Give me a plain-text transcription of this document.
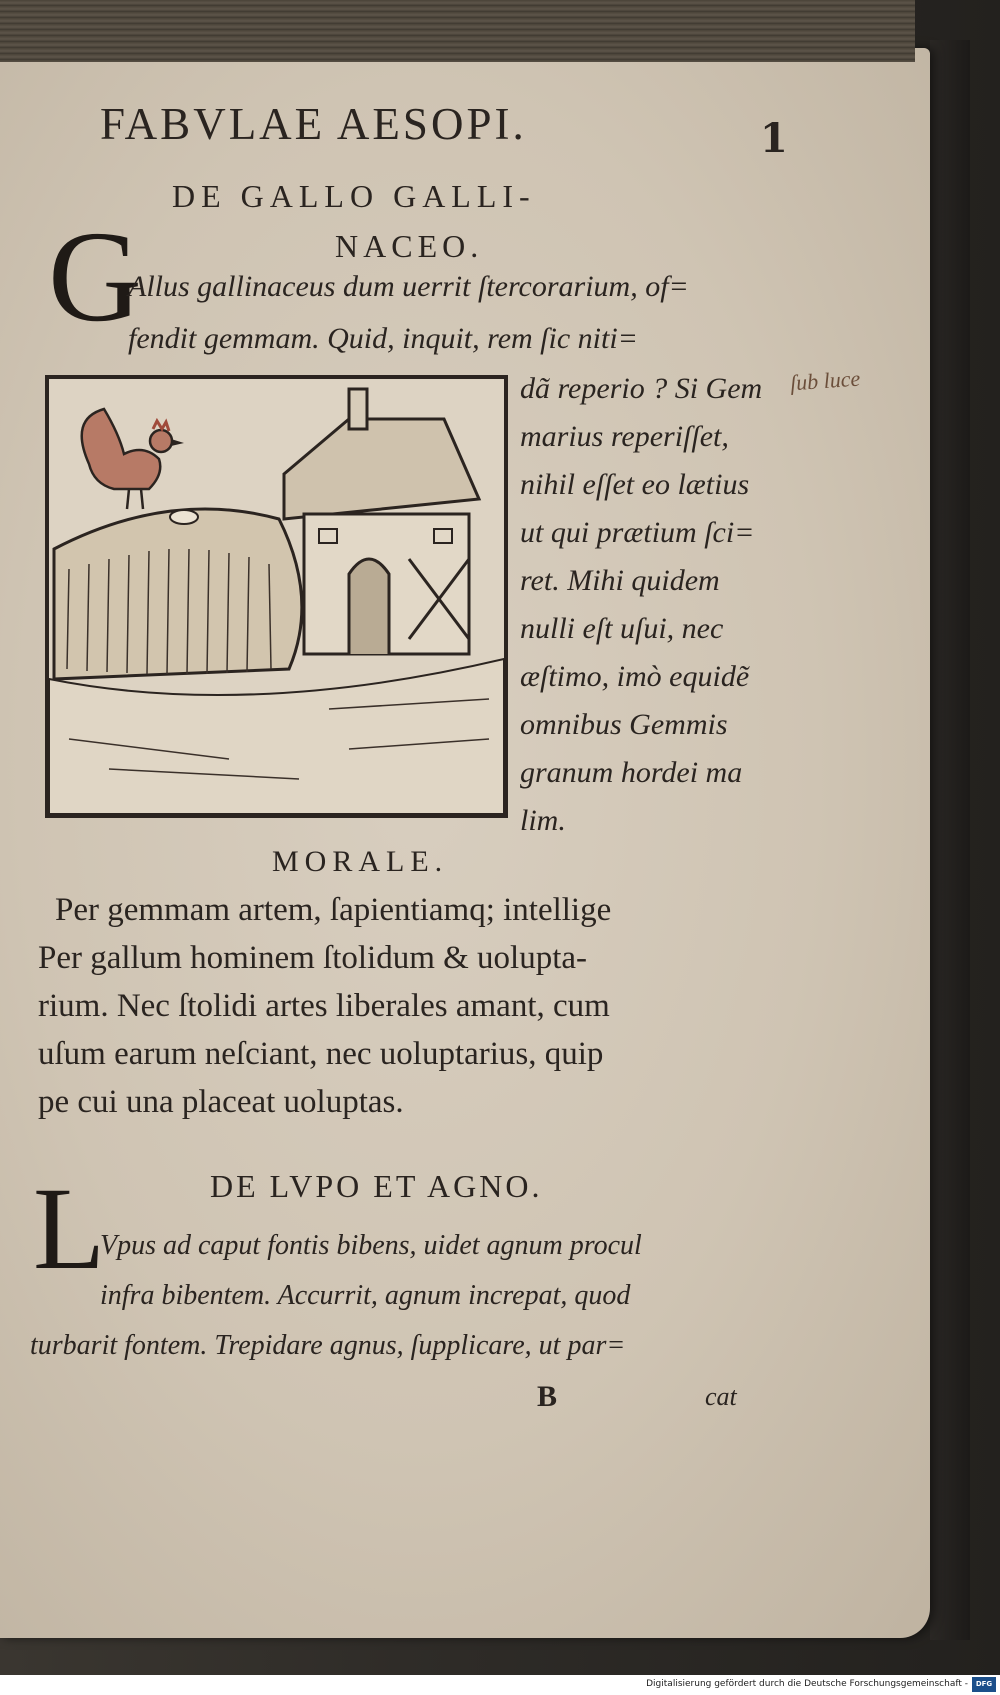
FABVLAE AESOPI.	1
DE GALLO GALLI-
NACEO.
G
Allus gallinaceus dum uerrit ſtercorarium, of=
fendit gemmam. Quid, inquit, rem ſic niti=
dã reperio ? Si Gem
marius reperiſſet,
nihil eſſet eo lætius
ut qui prætium ſci=
ret. Mihi quidem
nulli eſt uſui, nec
æſtimo, imò equidẽ
omnibus Gemmis
granum hordei ma
lim.
ſub luce
MORALE.
Per gemmam artem, ſapientiamq; intellige
Per gallum hominem ſtolidum & uolupta-
rium. Nec ſtolidi artes liberales amant, cum
uſum earum neſciant, nec uoluptarius, quip
pe cui una placeat uoluptas.
DE LVPO ET AGNO.
L
Vpus ad caput fontis bibens, uidet agnum procul
infra bibentem. Accurrit, agnum increpat, quod
turbarit fontem. Trepidare agnus, ſupplicare, ut par=
B	cat
Digitalisierung gefördert durch die Deutsche Forschungsgemeinschaft -	DFG
